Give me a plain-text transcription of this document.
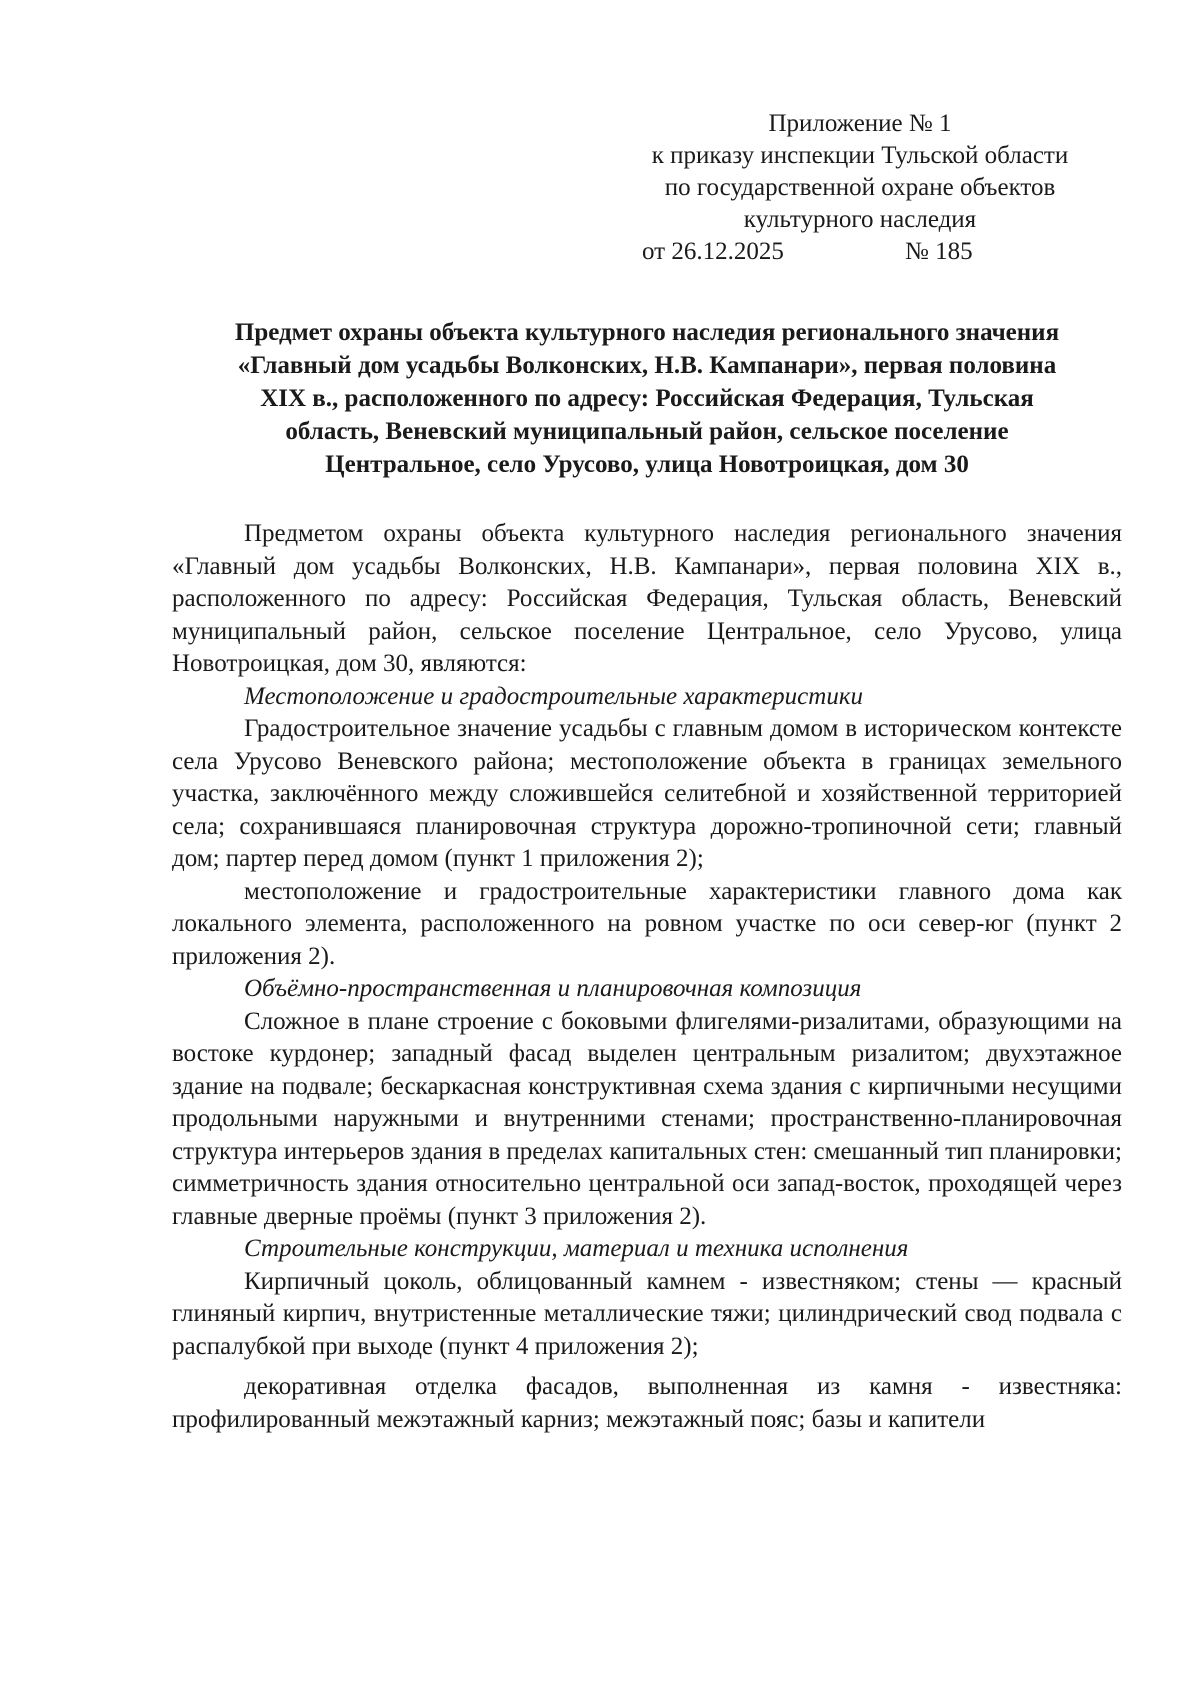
Приложение № 1
к приказу инспекции Тульской области
по государственной охране объектов
культурного наследия
от 26.12.2025	№ 185
Предмет охраны объекта культурного наследия регионального значения
«Главный дом усадьбы Волконских, Н.В. Кампанари», первая половина
XIX в., расположенного по адресу: Российская Федерация, Тульская
область, Веневский муниципальный район, сельское поселение
Центральное, село Урусово, улица Новотроицкая, дом 30

Предметом охраны объекта культурного наследия регионального значения «Главный дом усадьбы Волконских, Н.В. Кампанари», первая половина XIX в., расположенного по адресу: Российская Федерация, Тульская область, Веневский муниципальный район, сельское поселение Центральное, село Урусово, улица Новотроицкая, дом 30, являются:

Местоположение и градостроительные характеристики

Градостроительное значение усадьбы с главным домом в историческом контексте села Урусово Веневского района; местоположение объекта в границах земельного участка, заключённого между сложившейся селитебной и хозяйственной территорией села; сохранившаяся планировочная структура дорожно-тропиночной сети; главный дом; партер перед домом (пункт 1 приложения 2);

местоположение и градостроительные характеристики главного дома как локального элемента, расположенного на ровном участке по оси север-юг (пункт 2 приложения 2).

Объёмно-пространственная и планировочная композиция

Сложное в плане строение с боковыми флигелями-ризалитами, образующими на востоке курдонер; западный фасад выделен центральным ризалитом; двухэтажное здание на подвале; бескаркасная конструктивная схема здания с кирпичными несущими продольными наружными и внутренними стенами; пространственно-планировочная структура интерьеров здания в пределах капитальных стен: смешанный тип планировки; симметричность здания относительно центральной оси запад-восток, проходящей через главные дверные проёмы (пункт 3 приложения 2).

Строительные конструкции, материал и техника исполнения

Кирпичный цоколь, облицованный камнем - известняком; стены — красный глиняный кирпич, внутристенные металлические тяжи; цилиндрический свод подвала с распалубкой при выходе (пункт 4 приложения 2);

декоративная отделка фасадов, выполненная из камня - известняка: профилированный межэтажный карниз; межэтажный пояс; базы и капители
